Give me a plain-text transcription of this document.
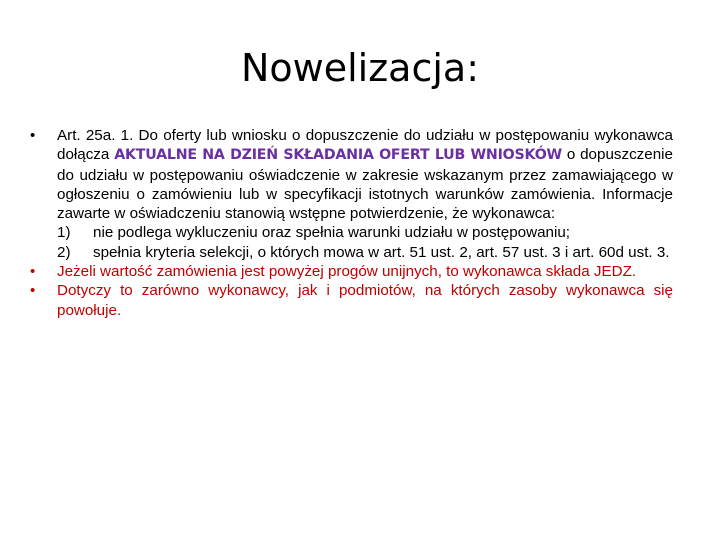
Nowelizacja:
•	Art. 25a. 1. Do oferty lub wniosku o dopuszczenie do udziału w postępowaniu wykonawca dołącza AKTUALNE NA DZIEŃ SKŁADANIA OFERT LUB WNIOSKÓW o dopuszczenie do udziału w postępowaniu oświadczenie w zakresie wskazanym przez zamawiającego w ogłoszeniu o zamówieniu lub w specyfikacji istotnych warunków zamówienia. Informacje zawarte w oświadczeniu stanowią wstępne potwierdzenie, że wykonawca:
1) nie podlega wykluczeniu oraz spełnia warunki udziału w postępowaniu;
2) spełnia kryteria selekcji, o których mowa w art. 51 ust. 2, art. 57 ust. 3 i art. 60d ust. 3.
•	Jeżeli wartość zamówienia jest powyżej progów unijnych, to wykonawca składa JEDZ.
•	Dotyczy to zarówno wykonawcy, jak i podmiotów, na których zasoby wykonawca się powołuje.
